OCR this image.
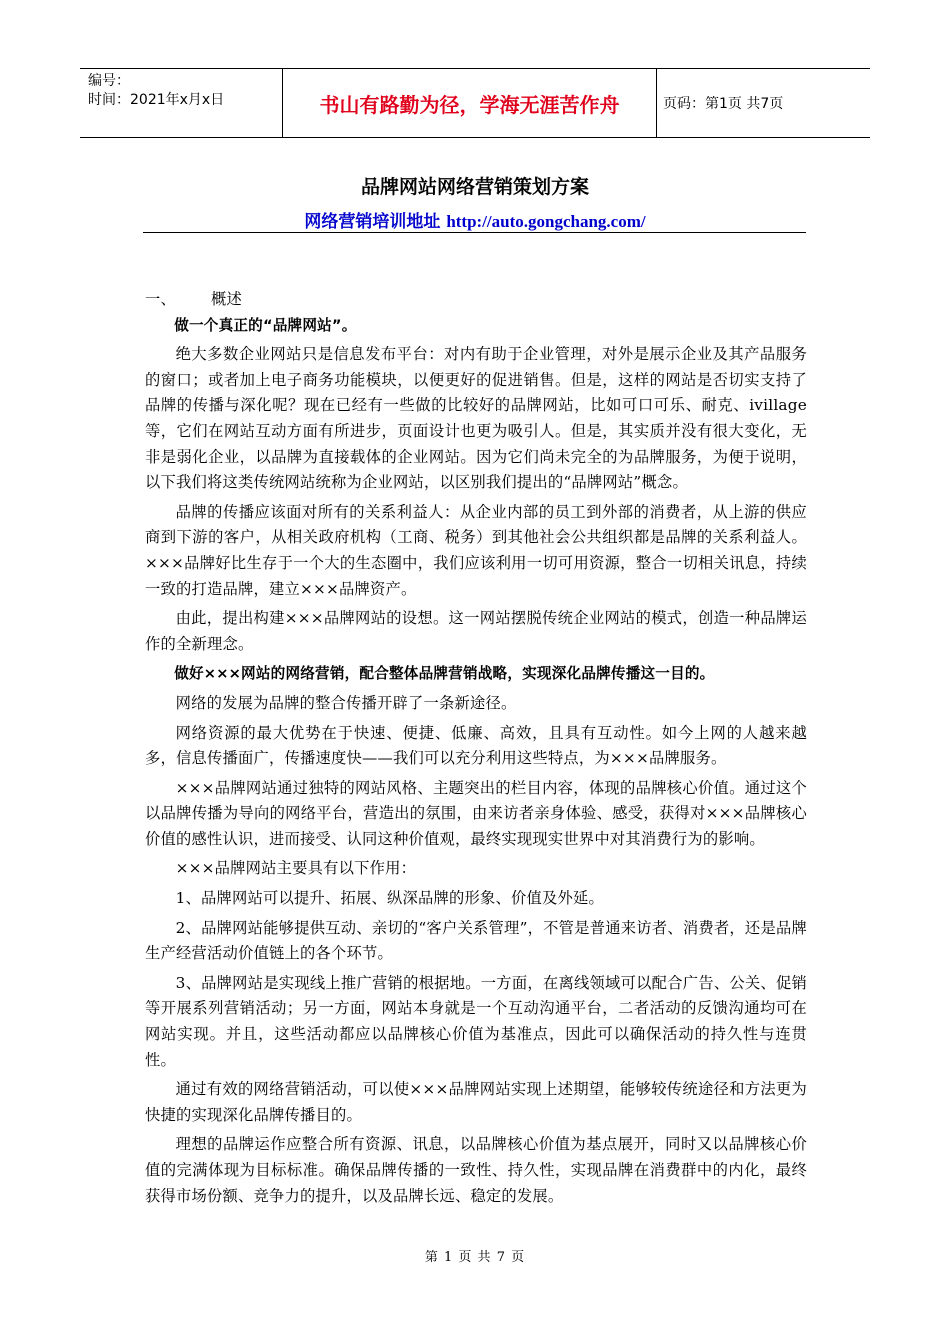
编号：
时间：2021年x月x日	书山有路勤为径，学海无涯苦作舟	页码：第1页 共7页
品牌网站网络营销策划方案
网络营销培训地址 http://auto.gongchang.com/
一、	概述

做一个真正的“品牌网站”。

绝大多数企业网站只是信息发布平台：对内有助于企业管理，对外是展示企业及其产品服务的窗口；或者加上电子商务功能模块，以便更好的促进销售。但是，这样的网站是否切实支持了品牌的传播与深化呢？现在已经有一些做的比较好的品牌网站，比如可口可乐、耐克、ivillage等，它们在网站互动方面有所进步，页面设计也更为吸引人。但是，其实质并没有很大变化，无非是弱化企业，以品牌为直接载体的企业网站。因为它们尚未完全的为品牌服务，为便于说明，以下我们将这类传统网站统称为企业网站，以区别我们提出的“品牌网站”概念。

品牌的传播应该面对所有的关系利益人：从企业内部的员工到外部的消费者，从上游的供应商到下游的客户，从相关政府机构（工商、税务）到其他社会公共组织都是品牌的关系利益人。×××品牌好比生存于一个大的生态圈中，我们应该利用一切可用资源，整合一切相关讯息，持续一致的打造品牌，建立×××品牌资产。

由此，提出构建×××品牌网站的设想。这一网站摆脱传统企业网站的模式，创造一种品牌运作的全新理念。

做好×××网站的网络营销，配合整体品牌营销战略，实现深化品牌传播这一目的。

网络的发展为品牌的整合传播开辟了一条新途径。

网络资源的最大优势在于快速、便捷、低廉、高效，且具有互动性。如今上网的人越来越多，信息传播面广，传播速度快——我们可以充分利用这些特点，为×××品牌服务。

×××品牌网站通过独特的网站风格、主题突出的栏目内容，体现的品牌核心价值。通过这个以品牌传播为导向的网络平台，营造出的氛围，由来访者亲身体验、感受，获得对×××品牌核心价值的感性认识，进而接受、认同这种价值观，最终实现现实世界中对其消费行为的影响。

×××品牌网站主要具有以下作用：

1、品牌网站可以提升、拓展、纵深品牌的形象、价值及外延。

2、品牌网站能够提供互动、亲切的“客户关系管理”，不管是普通来访者、消费者，还是品牌生产经营活动价值链上的各个环节。

3、品牌网站是实现线上推广营销的根据地。一方面，在离线领域可以配合广告、公关、促销等开展系列营销活动；另一方面，网站本身就是一个互动沟通平台，二者活动的反馈沟通均可在网站实现。并且，这些活动都应以品牌核心价值为基准点，因此可以确保活动的持久性与连贯性。

通过有效的网络营销活动，可以使×××品牌网站实现上述期望，能够较传统途径和方法更为快捷的实现深化品牌传播目的。

理想的品牌运作应整合所有资源、讯息，以品牌核心价值为基点展开，同时又以品牌核心价值的完满体现为目标标准。确保品牌传播的一致性、持久性，实现品牌在消费群中的内化，最终获得市场份额、竞争力的提升，以及品牌长远、稳定的发展。

第 1 页 共 7 页
